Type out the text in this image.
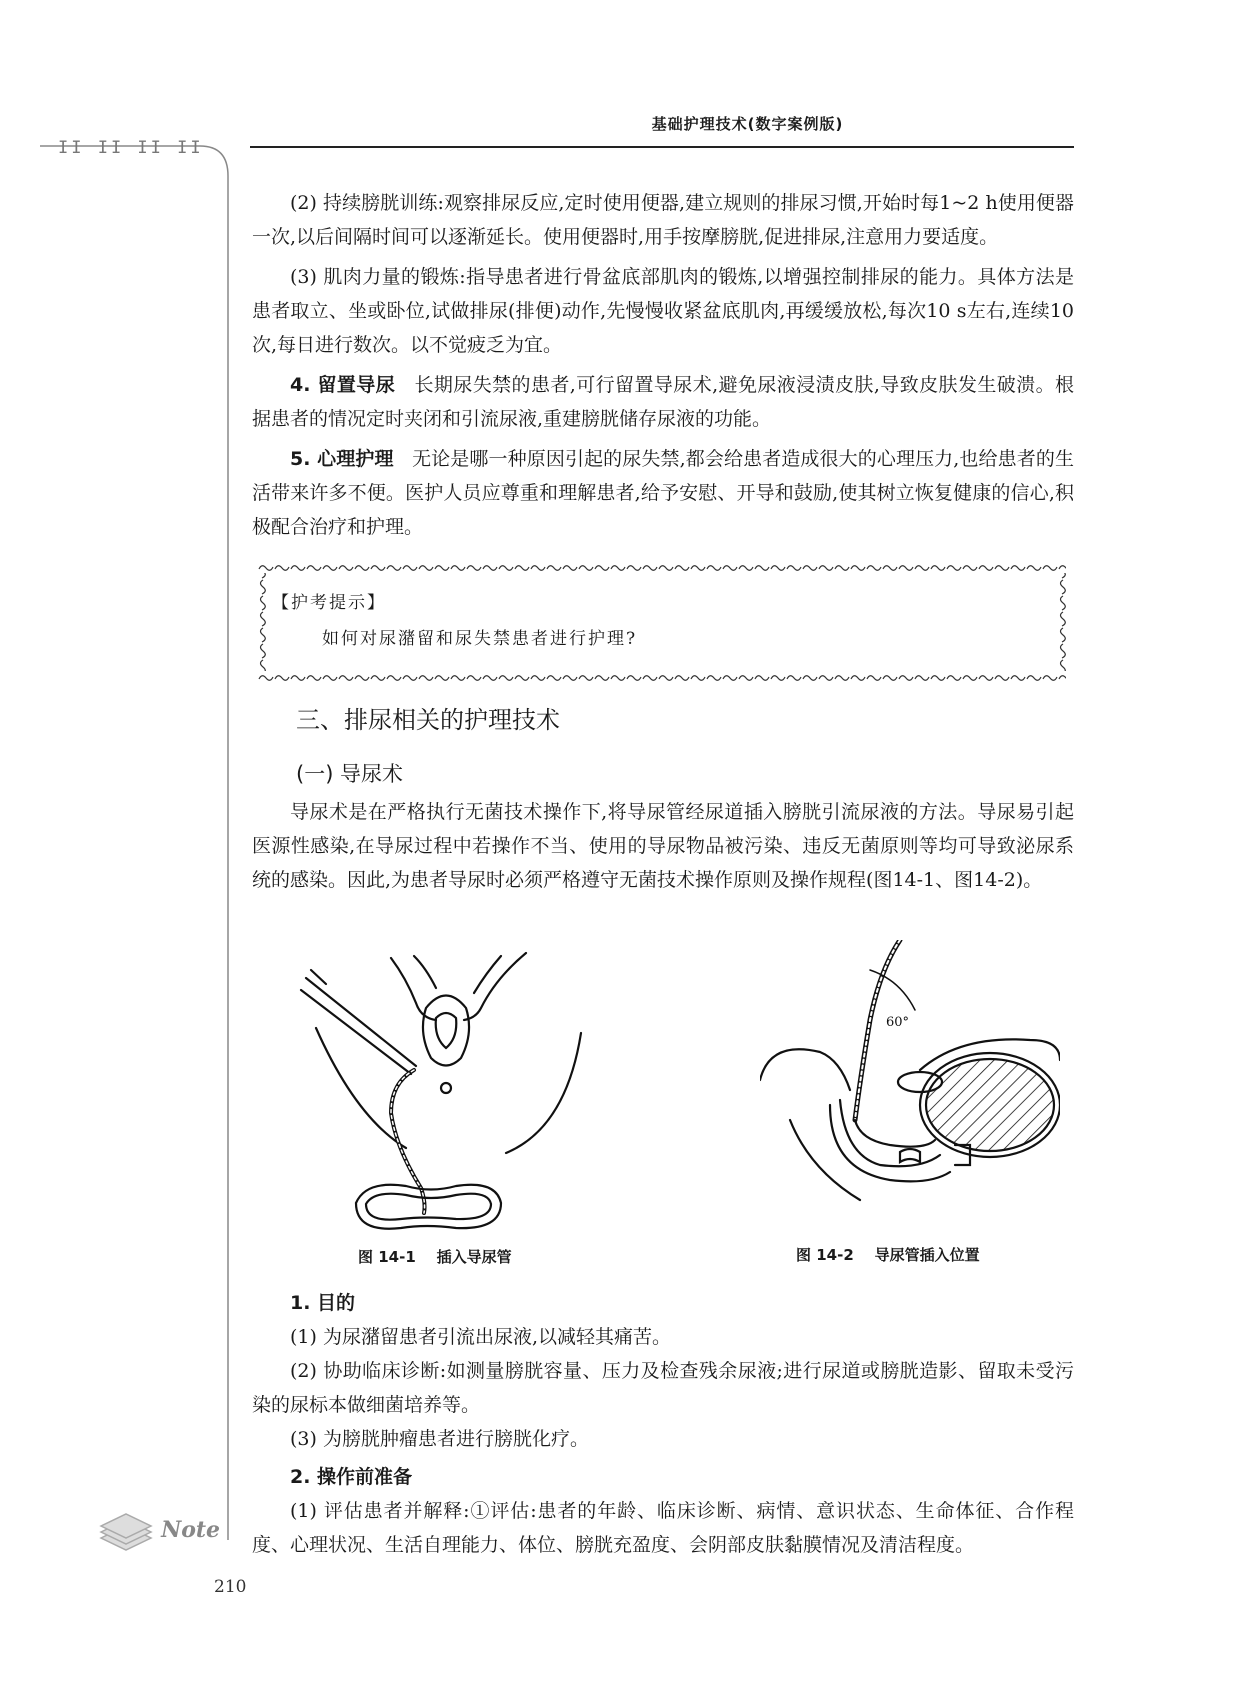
II II II II
基础护理技术(数字案例版)

(2) 持续膀胱训练:观察排尿反应,定时使用便器,建立规则的排尿习惯,开始时每1~2 h使用便器一次,以后间隔时间可以逐渐延长。使用便器时,用手按摩膀胱,促进排尿,注意用力要适度。

(3) 肌肉力量的锻炼:指导患者进行骨盆底部肌肉的锻炼,以增强控制排尿的能力。具体方法是患者取立、坐或卧位,试做排尿(排便)动作,先慢慢收紧盆底肌肉,再缓缓放松,每次10 s左右,连续10次,每日进行数次。以不觉疲乏为宜。

4. 留置导尿 长期尿失禁的患者,可行留置导尿术,避免尿液浸渍皮肤,导致皮肤发生破溃。根据患者的情况定时夹闭和引流尿液,重建膀胱储存尿液的功能。

5. 心理护理 无论是哪一种原因引起的尿失禁,都会给患者造成很大的心理压力,也给患者的生活带来许多不便。医护人员应尊重和理解患者,给予安慰、开导和鼓励,使其树立恢复健康的信心,积极配合治疗和护理。

【护考提示】
如何对尿潴留和尿失禁患者进行护理?
三、排尿相关的护理技术
(一) 导尿术

导尿术是在严格执行无菌技术操作下,将导尿管经尿道插入膀胱引流尿液的方法。导尿易引起医源性感染,在导尿过程中若操作不当、使用的导尿物品被污染、违反无菌原则等均可导致泌尿系统的感染。因此,为患者导尿时必须严格遵守无菌技术操作原则及操作规程(图14-1、图14-2)。

60°
图 14-1    插入导尿管	图 14-2    导尿管插入位置

1. 目的

(1) 为尿潴留患者引流出尿液,以减轻其痛苦。

(2) 协助临床诊断:如测量膀胱容量、压力及检查残余尿液;进行尿道或膀胱造影、留取未受污染的尿标本做细菌培养等。

(3) 为膀胱肿瘤患者进行膀胱化疗。

2. 操作前准备

(1) 评估患者并解释:①评估:患者的年龄、临床诊断、病情、意识状态、生命体征、合作程度、心理状况、生活自理能力、体位、膀胱充盈度、会阴部皮肤黏膜情况及清洁程度。

Note
210
